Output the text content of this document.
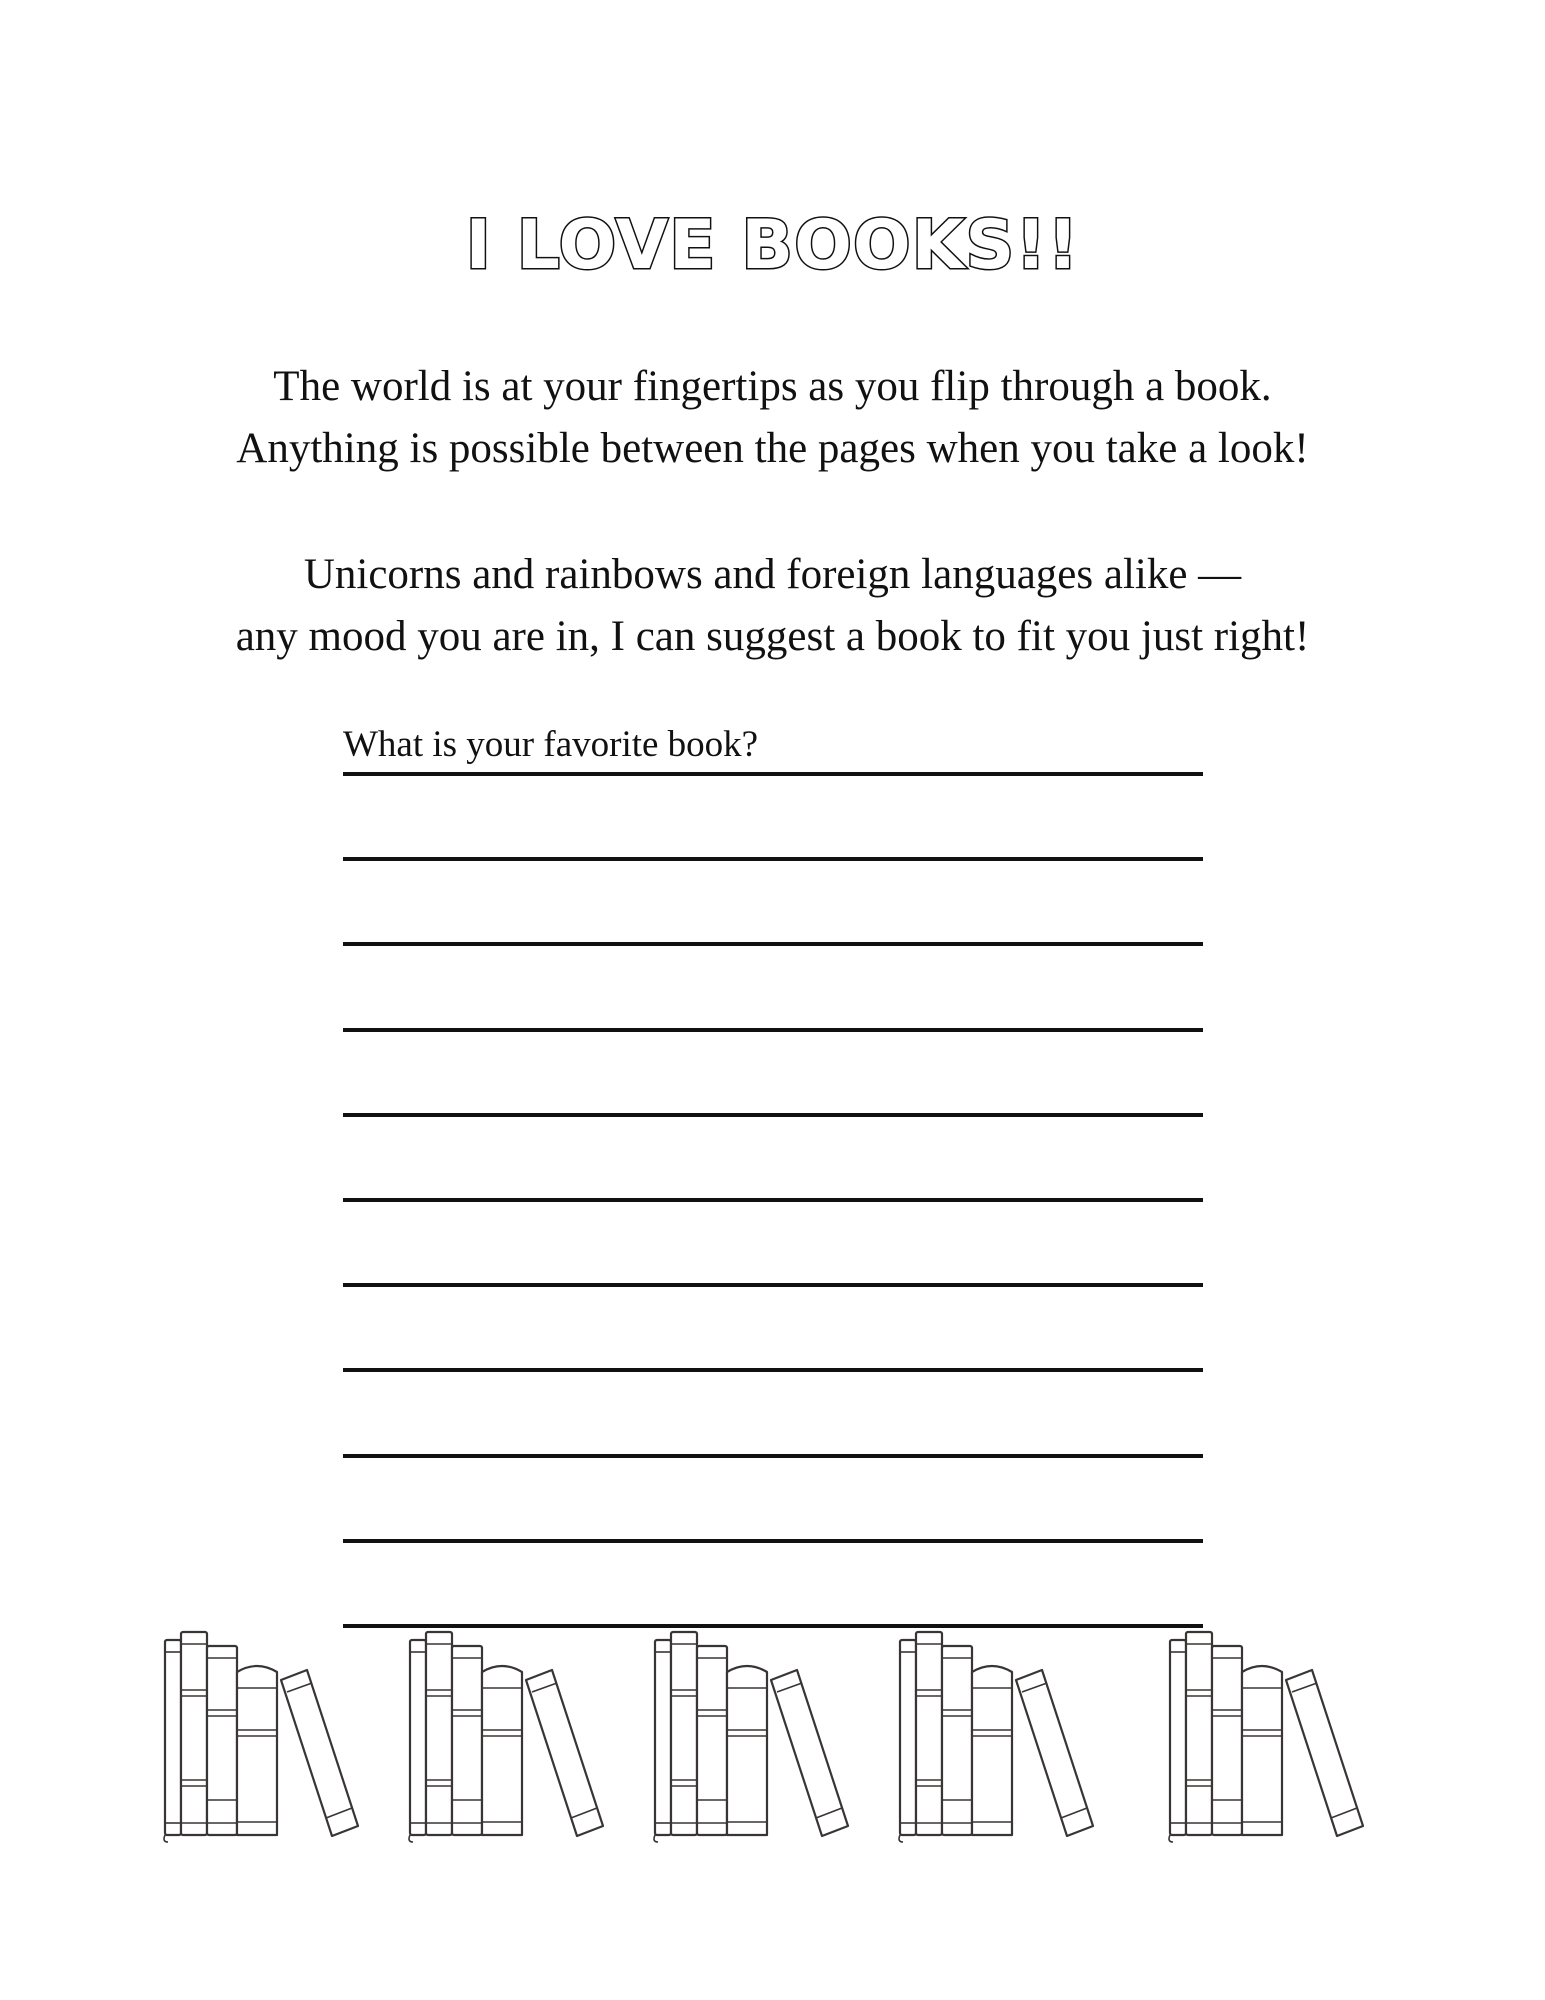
I LOVE BOOKS!!
The world is at your fingertips as you flip through a book.
Anything is possible between the pages when you take a look!
Unicorns and rainbows and foreign languages alike —
any mood you are in, I can suggest a book to fit you just right!
What is your favorite book?
